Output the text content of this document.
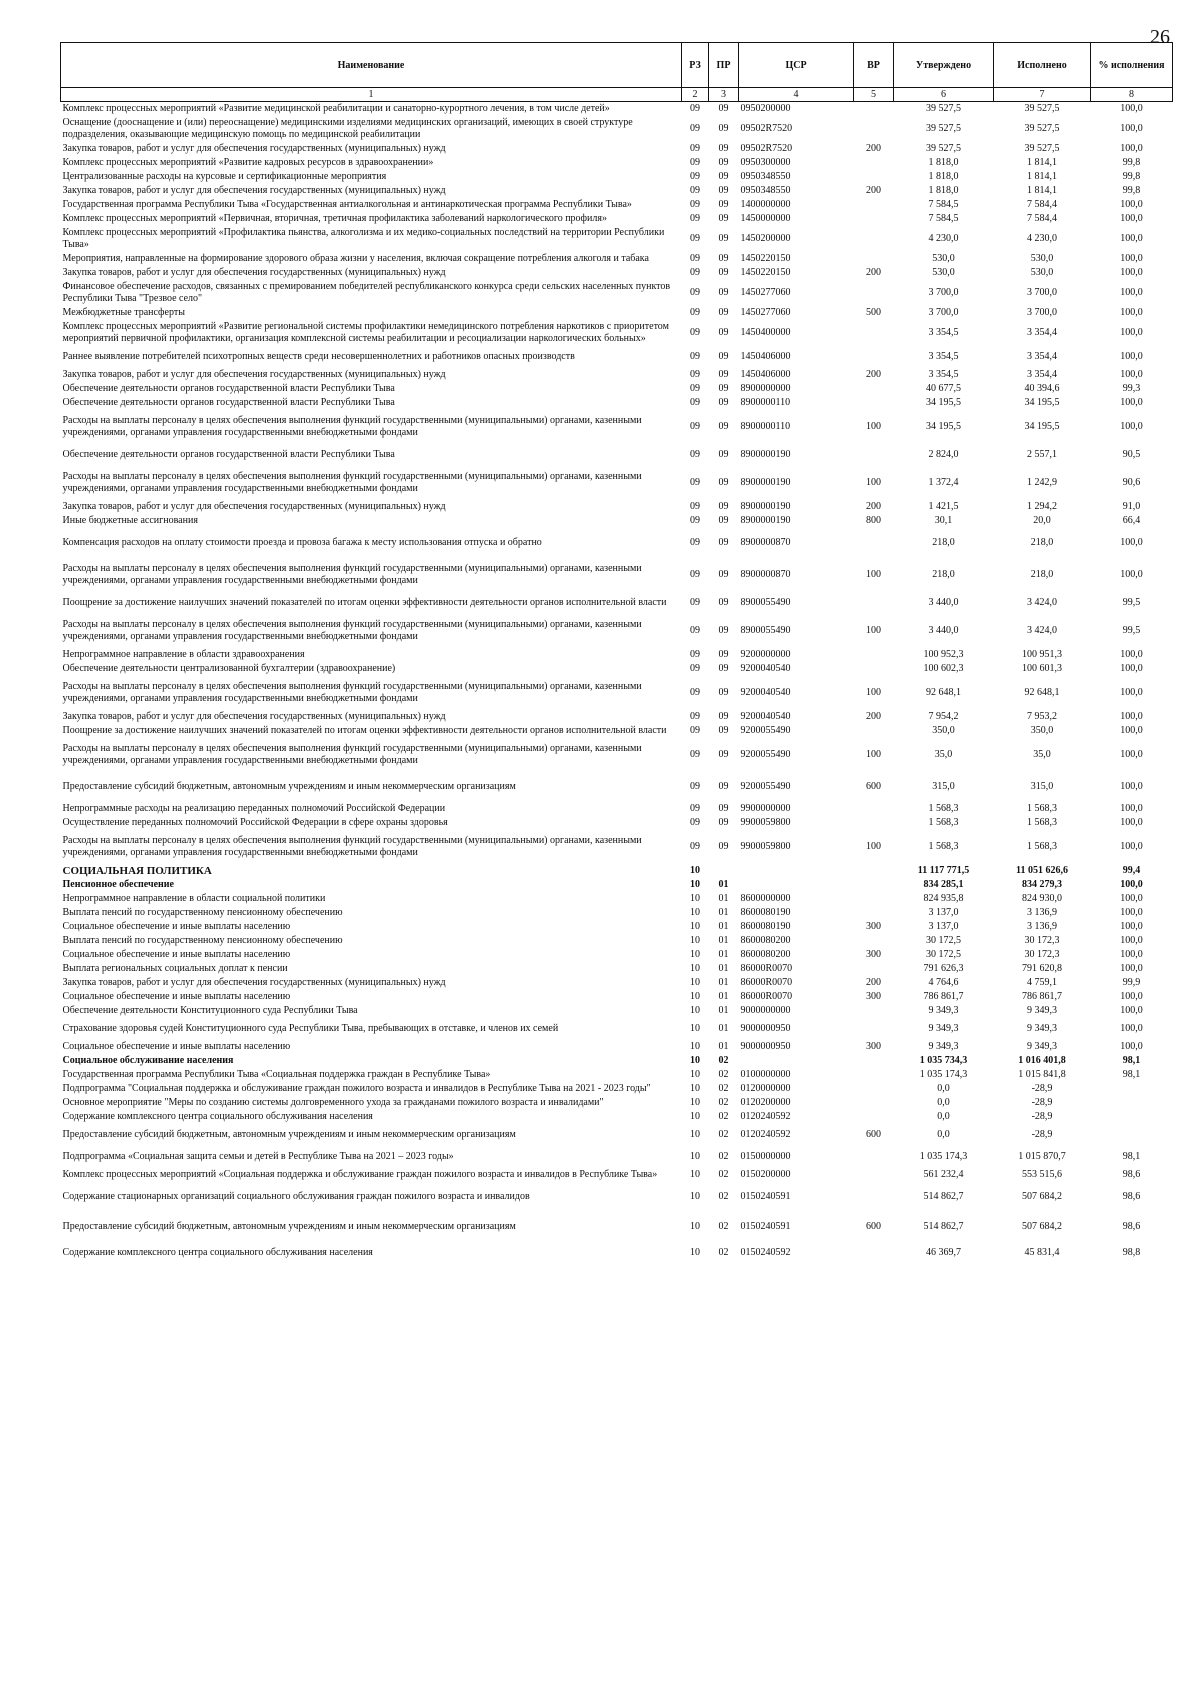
26
Наименование	РЗ	ПР	ЦСР	ВР	Утверждено	Исполнено	% исполнения
1	2	3	4	5	6	7	8
Комплекс процессных мероприятий «Развитие медицинской реабилитации и санаторно-курортного лечения, в том числе детей»	09	09	0950200000		39 527,5	39 527,5	100,0
Оснащение (дооснащение и (или) переоснащение) медицинскими изделиями медицинских организаций, имеющих в своей структуре подразделения, оказывающие медицинскую помощь по медицинской реабилитации	09	09	09502R7520		39 527,5	39 527,5	100,0
Закупка товаров, работ и услуг для обеспечения государственных (муниципальных) нужд	09	09	09502R7520	200	39 527,5	39 527,5	100,0
Комплекс процессных мероприятий «Развитие кадровых ресурсов в здравоохранении»	09	09	0950300000		1 818,0	1 814,1	99,8
Централизованные расходы на курсовые и сертификационные мероприятия	09	09	0950348550		1 818,0	1 814,1	99,8
Закупка товаров, работ и услуг для обеспечения государственных (муниципальных) нужд	09	09	0950348550	200	1 818,0	1 814,1	99,8
Государственная программа Республики Тыва «Государственная антиалкогольная и антинаркотическая программа Республики Тыва»	09	09	1400000000		7 584,5	7 584,4	100,0
Комплекс процессных мероприятий «Первичная, вторичная, третичная профилактика заболеваний наркологического профиля»	09	09	1450000000		7 584,5	7 584,4	100,0
Комплекс процессных мероприятий «Профилактика пьянства, алкоголизма и их медико-социальных последствий на территории Республики Тыва»	09	09	1450200000		4 230,0	4 230,0	100,0
Мероприятия, направленные на формирование здорового образа жизни у населения, включая сокращение потребления алкоголя и табака	09	09	1450220150		530,0	530,0	100,0
Закупка товаров, работ и услуг для обеспечения государственных (муниципальных) нужд	09	09	1450220150	200	530,0	530,0	100,0
Финансовое обеспечение расходов, связанных с премированием победителей республиканского конкурса среди сельских населенных пунктов Республики Тыва "Трезвое село"	09	09	1450277060		3 700,0	3 700,0	100,0
Межбюджетные трансферты	09	09	1450277060	500	3 700,0	3 700,0	100,0
Комплекс процессных мероприятий «Развитие региональной системы профилактики немедицинского потребления наркотиков с приоритетом мероприятий первичной профилактики, организация комплексной системы реабилитации и ресоциализации наркологических больных»	09	09	1450400000		3 354,5	3 354,4	100,0
Раннее выявление потребителей психотропных веществ среди несовершеннолетних и работников опасных производств	09	09	1450406000		3 354,5	3 354,4	100,0
Закупка товаров, работ и услуг для обеспечения государственных (муниципальных) нужд	09	09	1450406000	200	3 354,5	3 354,4	100,0
Обеспечение деятельности органов государственной власти Республики Тыва	09	09	8900000000		40 677,5	40 394,6	99,3
Обеспечение деятельности органов государственной власти Республики Тыва	09	09	8900000110		34 195,5	34 195,5	100,0
Расходы на выплаты персоналу в целях обеспечения выполнения функций государственными (муниципальными) органами, казенными учреждениями, органами управления государственными внебюджетными фондами	09	09	8900000110	100	34 195,5	34 195,5	100,0
Обеспечение деятельности органов государственной власти Республики Тыва	09	09	8900000190		2 824,0	2 557,1	90,5
Расходы на выплаты персоналу в целях обеспечения выполнения функций государственными (муниципальными) органами, казенными учреждениями, органами управления государственными внебюджетными фондами	09	09	8900000190	100	1 372,4	1 242,9	90,6
Закупка товаров, работ и услуг для обеспечения государственных (муниципальных) нужд	09	09	8900000190	200	1 421,5	1 294,2	91,0
Иные бюджетные ассигнования	09	09	8900000190	800	30,1	20,0	66,4
Компенсация расходов на оплату стоимости проезда и провоза багажа к месту использования отпуска и обратно	09	09	8900000870		218,0	218,0	100,0
Расходы на выплаты персоналу в целях обеспечения выполнения функций государственными (муниципальными) органами, казенными учреждениями, органами управления государственными внебюджетными фондами	09	09	8900000870	100	218,0	218,0	100,0
Поощрение за достижение наилучших значений показателей по итогам оценки эффективности деятельности органов исполнительной власти	09	09	8900055490		3 440,0	3 424,0	99,5
Расходы на выплаты персоналу в целях обеспечения выполнения функций государственными (муниципальными) органами, казенными учреждениями, органами управления государственными внебюджетными фондами	09	09	8900055490	100	3 440,0	3 424,0	99,5
Непрограммное направление в области здравоохранения	09	09	9200000000		100 952,3	100 951,3	100,0
Обеспечение деятельности централизованной бухгалтерии (здравоохранение)	09	09	9200040540		100 602,3	100 601,3	100,0
Расходы на выплаты персоналу в целях обеспечения выполнения функций государственными (муниципальными) органами, казенными учреждениями, органами управления государственными внебюджетными фондами	09	09	9200040540	100	92 648,1	92 648,1	100,0
Закупка товаров, работ и услуг для обеспечения государственных (муниципальных) нужд	09	09	9200040540	200	7 954,2	7 953,2	100,0
Поощрение за достижение наилучших значений показателей по итогам оценки эффективности деятельности органов исполнительной власти	09	09	9200055490		350,0	350,0	100,0
Расходы на выплаты персоналу в целях обеспечения выполнения функций государственными (муниципальными) органами, казенными учреждениями, органами управления государственными внебюджетными фондами	09	09	9200055490	100	35,0	35,0	100,0
Предоставление субсидий бюджетным, автономным учреждениям и иным некоммерческим организациям	09	09	9200055490	600	315,0	315,0	100,0
Непрограммные расходы на реализацию переданных полномочий Российской Федерации	09	09	9900000000		1 568,3	1 568,3	100,0
Осуществление переданных полномочий Российской Федерации в сфере охраны здоровья	09	09	9900059800		1 568,3	1 568,3	100,0
Расходы на выплаты персоналу в целях обеспечения выполнения функций государственными (муниципальными) органами, казенными учреждениями, органами управления государственными внебюджетными фондами	09	09	9900059800	100	1 568,3	1 568,3	100,0
СОЦИАЛЬНАЯ ПОЛИТИКА	10				11 117 771,5	11 051 626,6	99,4
Пенсионное обеспечение	10	01			834 285,1	834 279,3	100,0
Непрограммное направление в области социальной политики	10	01	8600000000		824 935,8	824 930,0	100,0
Выплата пенсий по государственному пенсионному обеспечению	10	01	8600080190		3 137,0	3 136,9	100,0
Социальное обеспечение и иные выплаты населению	10	01	8600080190	300	3 137,0	3 136,9	100,0
Выплата пенсий по государственному пенсионному обеспечению	10	01	8600080200		30 172,5	30 172,3	100,0
Социальное обеспечение и иные выплаты населению	10	01	8600080200	300	30 172,5	30 172,3	100,0
Выплата региональных социальных доплат к пенсии	10	01	86000R0070		791 626,3	791 620,8	100,0
Закупка товаров, работ и услуг для обеспечения государственных (муниципальных) нужд	10	01	86000R0070	200	4 764,6	4 759,1	99,9
Социальное обеспечение и иные выплаты населению	10	01	86000R0070	300	786 861,7	786 861,7	100,0
Обеспечение деятельности Конституционного суда Республики Тыва	10	01	9000000000		9 349,3	9 349,3	100,0
Страхование здоровья судей Конституционного суда Республики Тыва, пребывающих в отставке, и членов их семей	10	01	9000000950		9 349,3	9 349,3	100,0
Социальное обеспечение и иные выплаты населению	10	01	9000000950	300	9 349,3	9 349,3	100,0
Социальное обслуживание населения	10	02			1 035 734,3	1 016 401,8	98,1
Государственная программа Республики Тыва «Социальная поддержка граждан в Республике Тыва»	10	02	0100000000		1 035 174,3	1 015 841,8	98,1
Подпрограмма "Социальная поддержка и обслуживание граждан пожилого возраста и инвалидов в Республике Тыва на 2021 - 2023 годы"	10	02	0120000000		0,0	-28,9	
Основное мероприятие "Меры по созданию системы долговременного ухода за гражданами пожилого возраста и инвалидами"	10	02	0120200000		0,0	-28,9	
Содержание комплексного центра социального обслуживания населения	10	02	0120240592		0,0	-28,9	
Предоставление субсидий бюджетным, автономным учреждениям и иным некоммерческим организациям	10	02	0120240592	600	0,0	-28,9	
Подпрограмма «Социальная защита семьи и детей в Республике Тыва на 2021 – 2023 годы»	10	02	0150000000		1 035 174,3	1 015 870,7	98,1
Комплекс процессных мероприятий «Социальная поддержка и обслуживание граждан пожилого возраста и инвалидов в Республике Тыва»	10	02	0150200000		561 232,4	553 515,6	98,6
Содержание стационарных организаций социального обслуживания граждан пожилого возраста и инвалидов	10	02	0150240591		514 862,7	507 684,2	98,6
Предоставление субсидий бюджетным, автономным учреждениям и иным некоммерческим организациям	10	02	0150240591	600	514 862,7	507 684,2	98,6
Содержание комплексного центра социального обслуживания населения	10	02	0150240592		46 369,7	45 831,4	98,8
